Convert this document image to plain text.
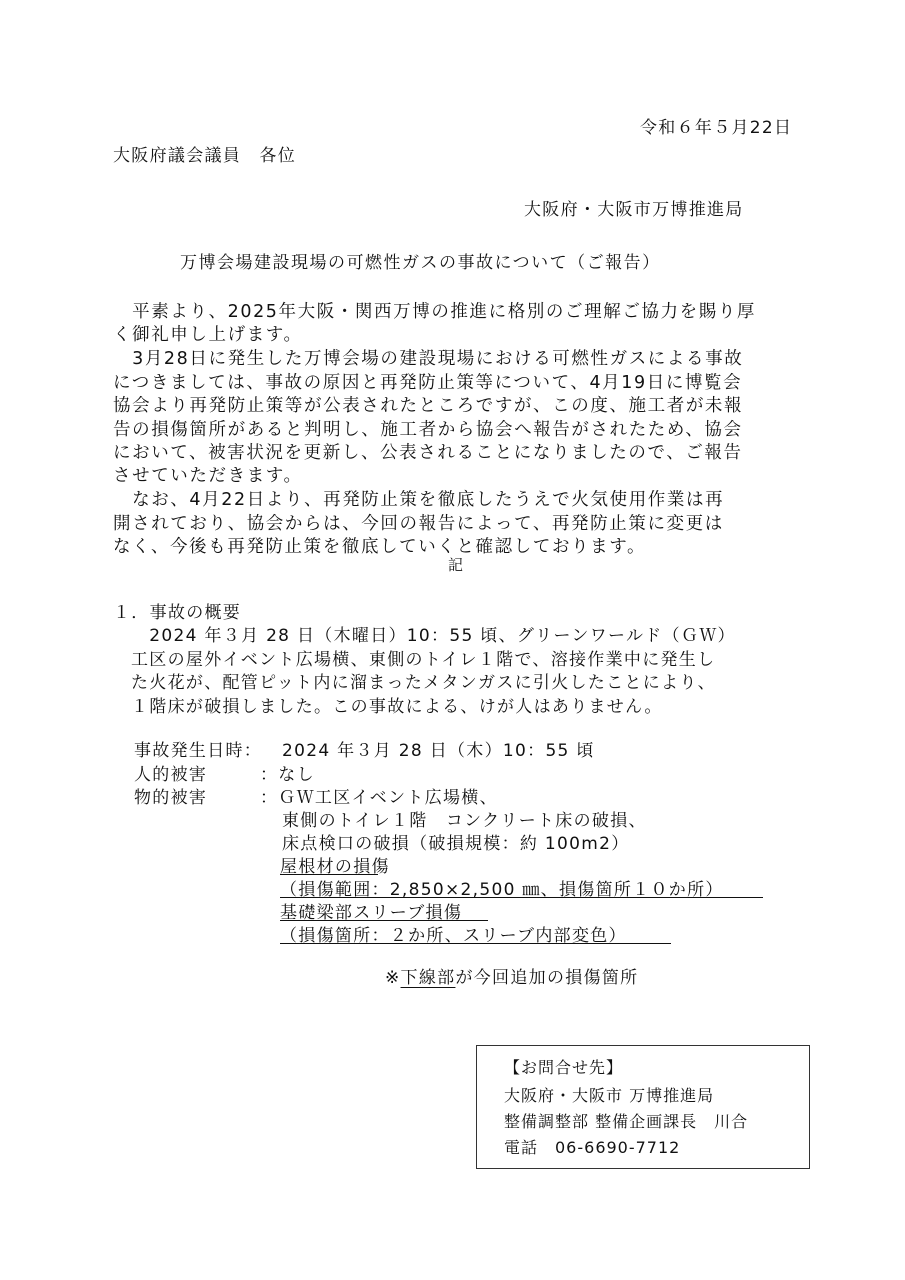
令和６年５月22日
大阪府議会議員　各位
大阪府・大阪市万博推進局
万博会場建設現場の可燃性ガスの事故について（ご報告）
　平素より、2025年大阪・関西万博の推進に格別のご理解ご協力を賜り厚
く御礼申し上げます。
　3月28日に発生した万博会場の建設現場における可燃性ガスによる事故
につきましては、事故の原因と再発防止策等について、4月19日に博覧会
協会より再発防止策等が公表されたところですが、この度、施工者が未報
告の損傷箇所があると判明し、施工者から協会へ報告がされたため、協会
において、被害状況を更新し、公表されることになりましたので、ご報告
させていただきます。
　なお、4月22日より、再発防止策を徹底したうえで火気使用作業は再
開されており、協会からは、今回の報告によって、再発防止策に変更は
なく、今後も再発防止策を徹底していくと確認しております。
記
１．事故の概要
　2024 年３月 28 日（木曜日）10：55 頃、グリーンワールド（ＧＷ）
工区の屋外イベント広場横、東側のトイレ１階で、溶接作業中に発生し
た火花が、配管ピット内に溜まったメタンガスに引火したことにより、
１階床が破損しました。この事故による、けが人はありません。
事故発生日時： 2024 年３月 28 日（木）10：55 頃
人的被害	：なし
物的被害	：ＧＷ工区イベント広場横、
東側のトイレ１階　コンクリート床の破損、
床点検口の破損（破損規模：約 100m2）
屋根材の損傷
（損傷範囲：2,850×2,500 ㎜、損傷箇所１０か所）
基礎梁部スリーブ損傷
（損傷箇所：２か所、スリーブ内部変色）
※下線部が今回追加の損傷箇所
【お問合せ先】
大阪府・大阪市 万博推進局
整備調整部 整備企画課長　川合
電話　06-6690-7712
